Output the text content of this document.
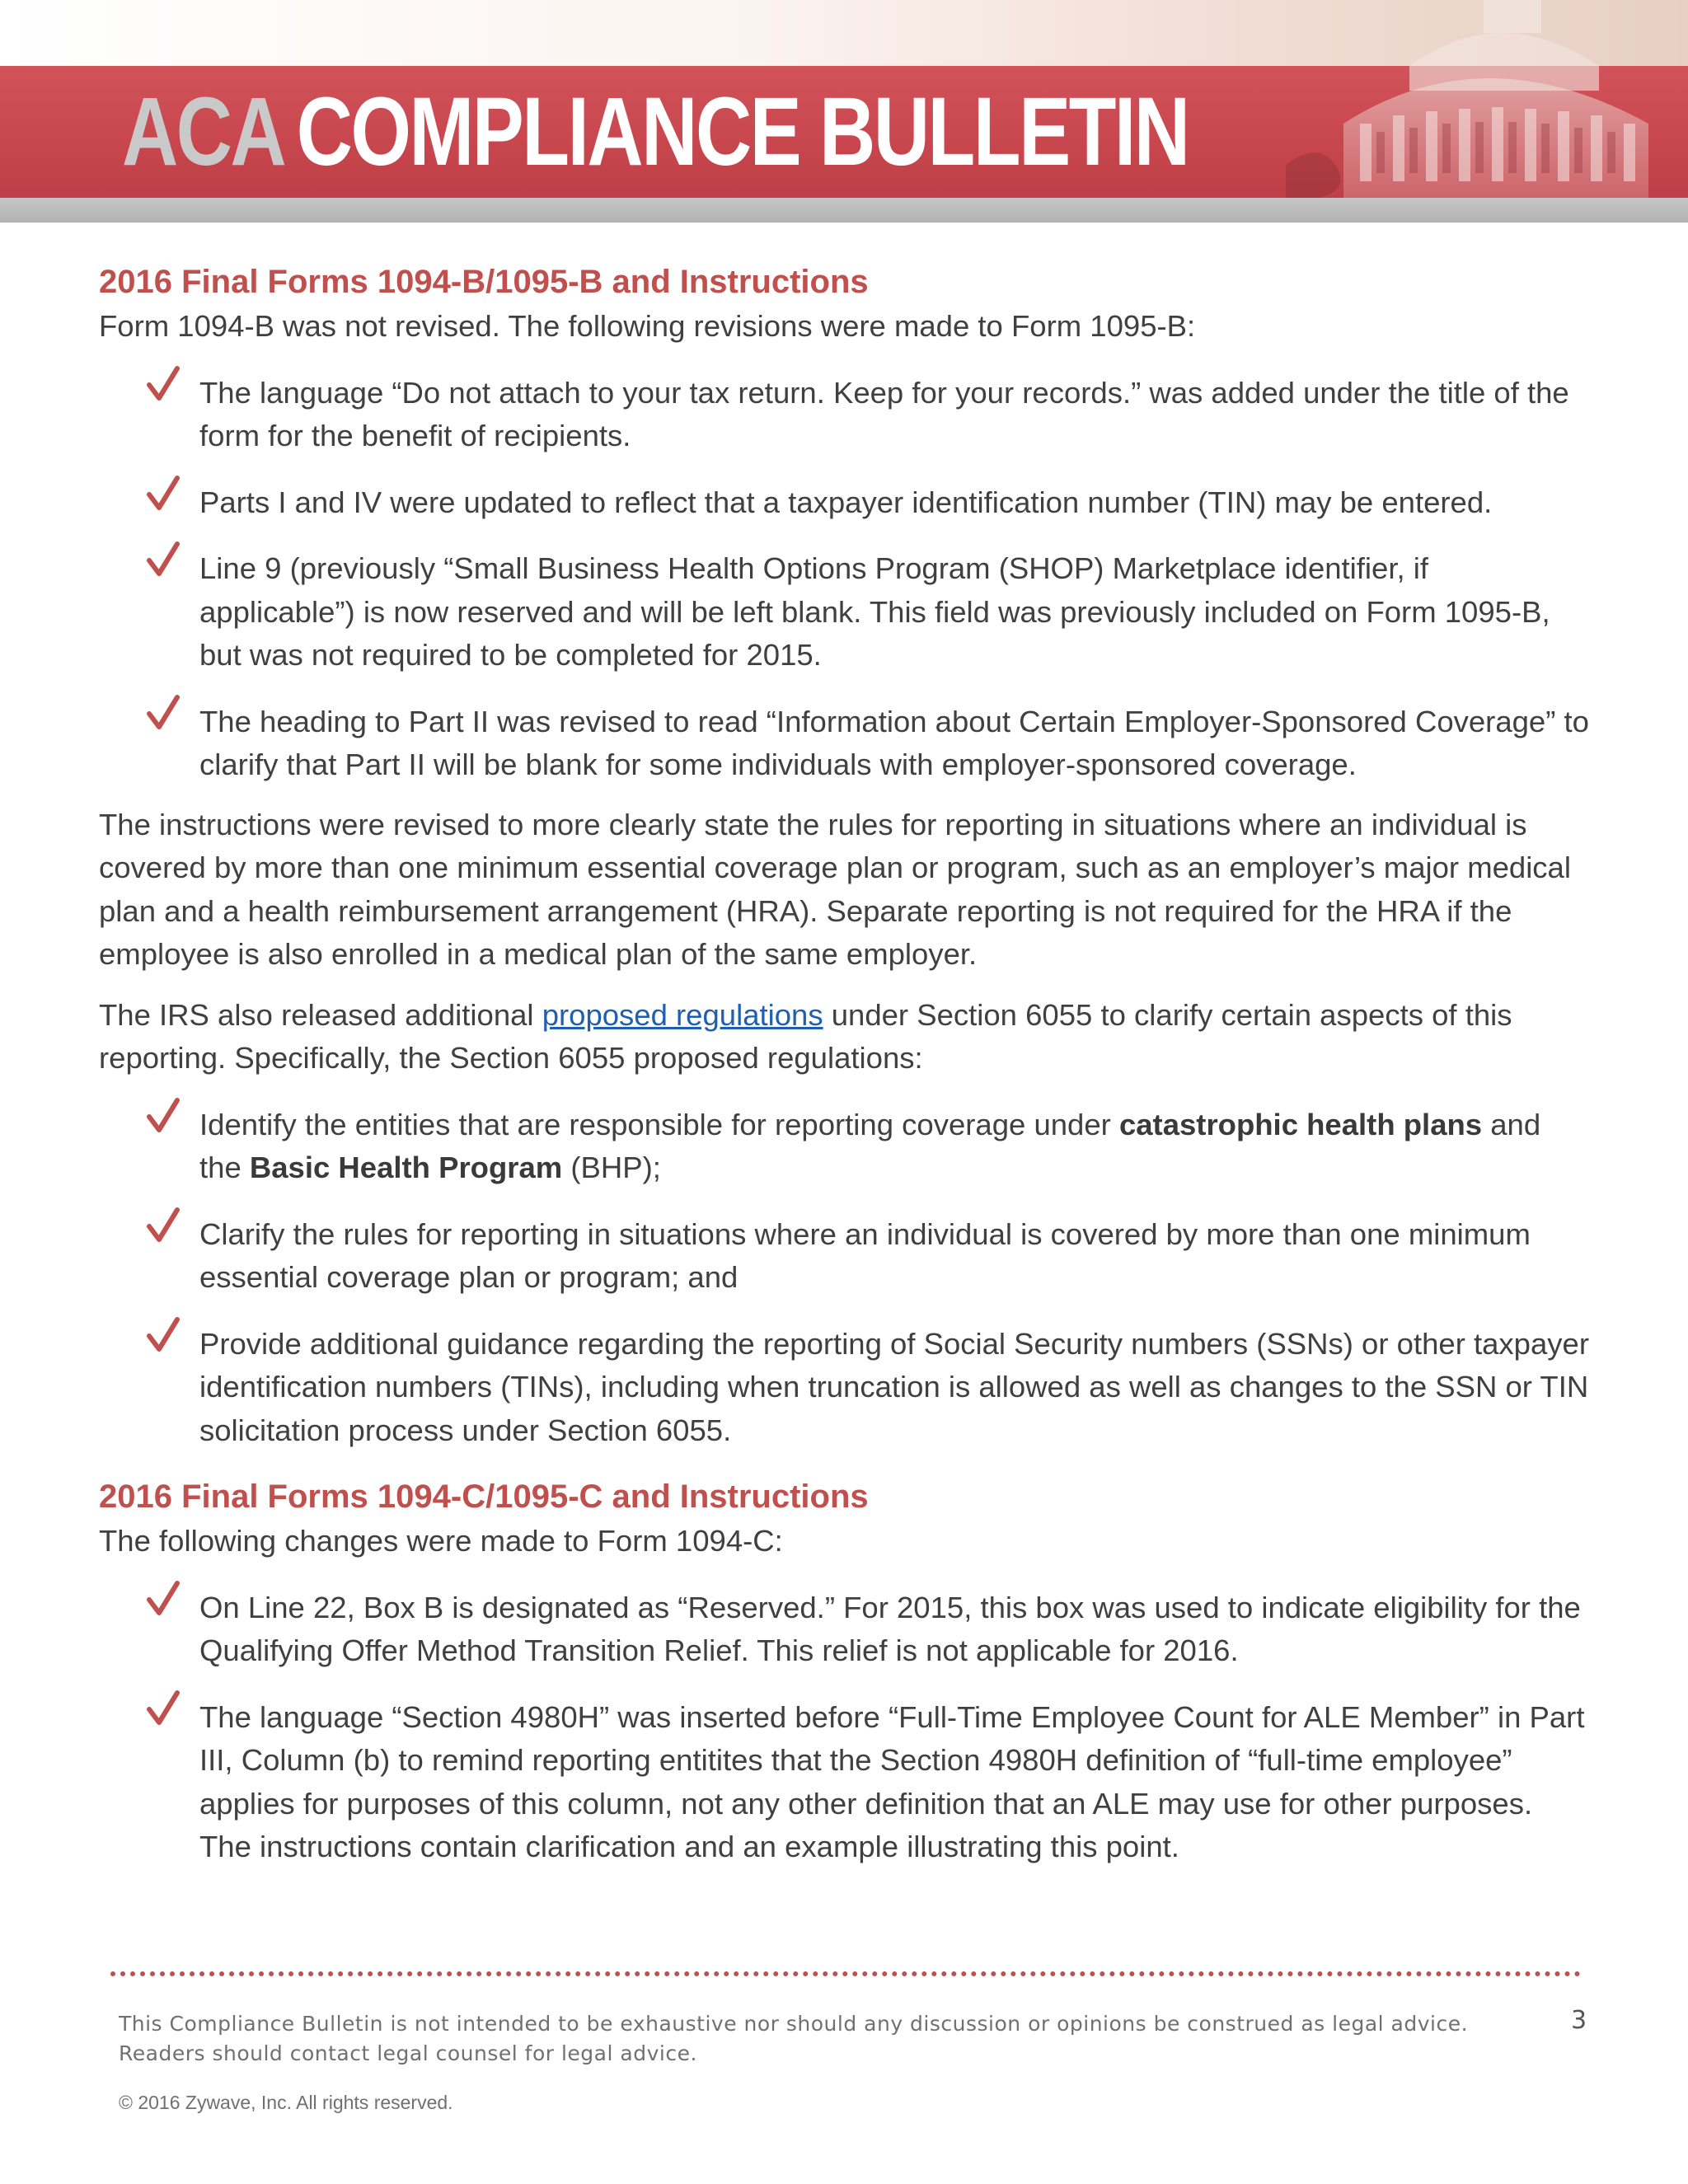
ACA COMPLIANCE BULLETIN
2016 Final Forms 1094-B/1095-B and Instructions

Form 1094-B was not revised. The following revisions were made to Form 1095-B:

The language “Do not attach to your tax return. Keep for your records.” was added under the title of the form for the benefit of recipients.
Parts I and IV were updated to reflect that a taxpayer identification number (TIN) may be entered.
Line 9 (previously “Small Business Health Options Program (SHOP) Marketplace identifier, if applicable”) is now reserved and will be left blank. This field was previously included on Form 1095-B, but was not required to be completed for 2015.
The heading to Part II was revised to read “Information about Certain Employer-Sponsored Coverage” to clarify that Part II will be blank for some individuals with employer-sponsored coverage.

The instructions were revised to more clearly state the rules for reporting in situations where an individual is covered by more than one minimum essential coverage plan or program, such as an employer’s major medical plan and a health reimbursement arrangement (HRA). Separate reporting is not required for the HRA if the employee is also enrolled in a medical plan of the same employer.

The IRS also released additional proposed regulations under Section 6055 to clarify certain aspects of this reporting. Specifically, the Section 6055 proposed regulations:

Identify the entities that are responsible for reporting coverage under catastrophic health plans and the Basic Health Program (BHP);
Clarify the rules for reporting in situations where an individual is covered by more than one minimum essential coverage plan or program; and
Provide additional guidance regarding the reporting of Social Security numbers (SSNs) or other taxpayer identification numbers (TINs), including when truncation is allowed as well as changes to the SSN or TIN solicitation process under Section 6055.
2016 Final Forms 1094-C/1095-C and Instructions

The following changes were made to Form 1094-C:

On Line 22, Box B is designated as “Reserved.” For 2015, this box was used to indicate eligibility for the Qualifying Offer Method Transition Relief. This relief is not applicable for 2016.
The language “Section 4980H” was inserted before “Full-Time Employee Count for ALE Member” in Part III, Column (b) to remind reporting entitites that the Section 4980H definition of “full-time employee” applies for purposes of this column, not any other definition that an ALE may use for other purposes. The instructions contain clarification and an example illustrating this point.
This Compliance Bulletin is not intended to be exhaustive nor should any discussion or opinions be construed as legal advice.
Readers should contact legal counsel for legal advice.
3
© 2016 Zywave, Inc. All rights reserved.
